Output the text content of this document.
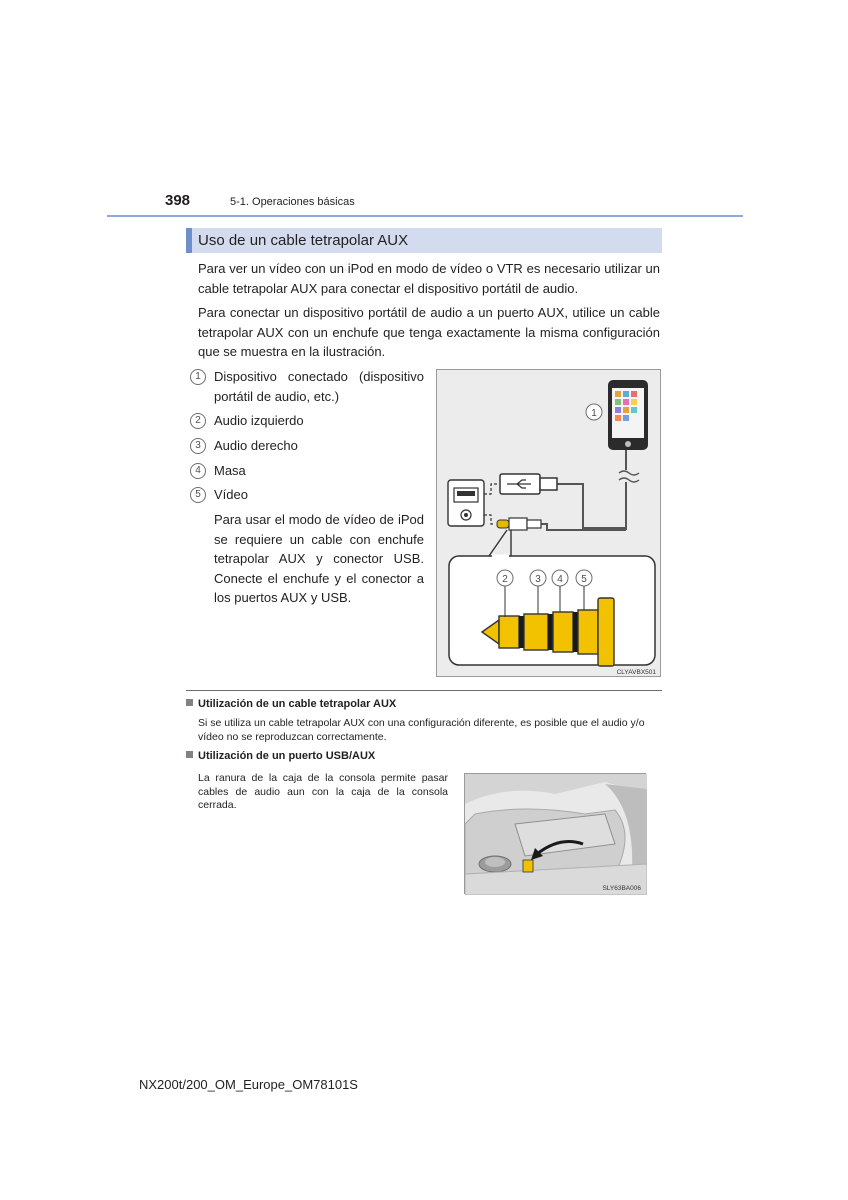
398	5-1. Operaciones básicas
Uso de un cable tetrapolar AUX
Para ver un vídeo con un iPod en modo de vídeo o VTR es necesario utilizar un cable tetrapolar AUX para conectar el dispositivo portátil de audio.
Para conectar un dispositivo portátil de audio a un puerto AUX, utilice un cable tetrapolar AUX con un enchufe que tenga exactamente la misma configuración que se muestra en la ilustración.
1	Dispositivo conectado (dispositivo portátil de audio, etc.)
2	Audio izquierdo
3	Audio derecho
4	Masa
5	Vídeo
Para usar el modo de vídeo de iPod se requiere un cable con enchufe tetrapolar AUX y conector USB. Conecte el enchufe y el conector a los puertos AUX y USB.
1
2	3 4 5
CLYAVBX501
Utilización de un cable tetrapolar AUX
Si se utiliza un cable tetrapolar AUX con una configuración diferente, es posible que el audio y/o vídeo no se reproduzcan correctamente.
Utilización de un puerto USB/AUX
La ranura de la caja de la consola permite pasar cables de audio aun con la caja de la consola cerrada.
SLY63BA006
NX200t/200_OM_Europe_OM78101S
